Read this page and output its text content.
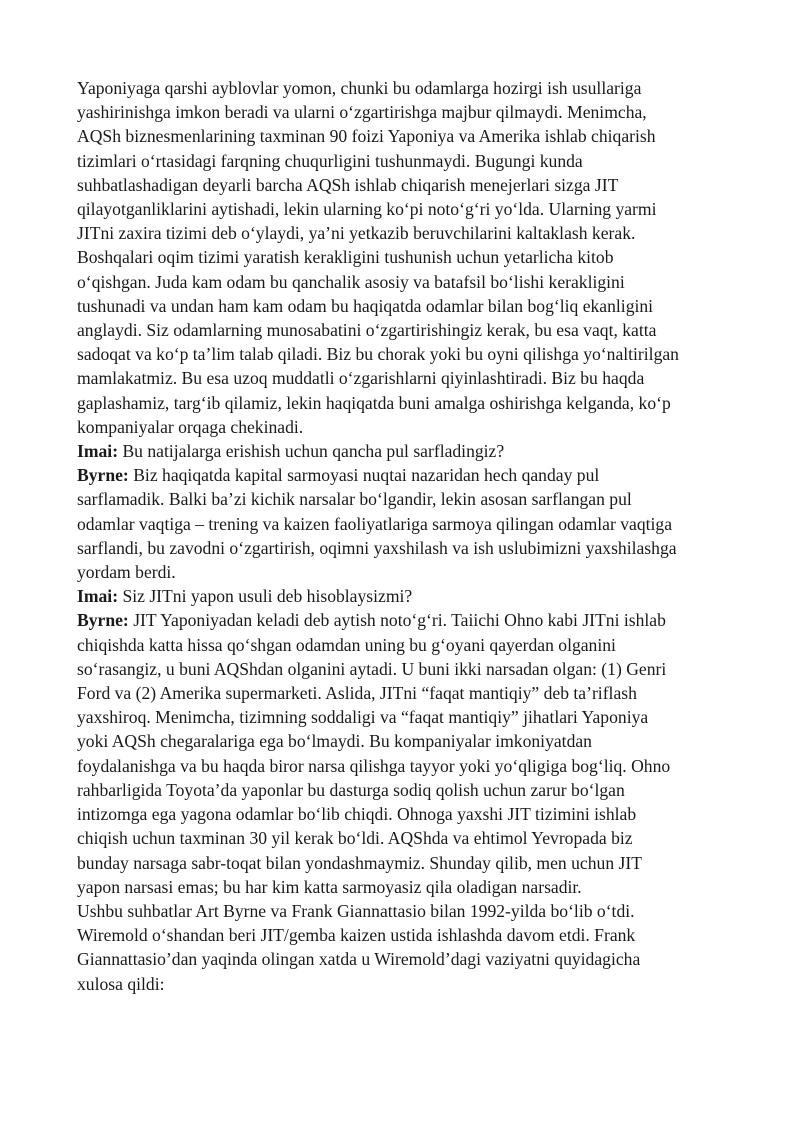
Yaponiyaga qarshi ayblovlar yomon, chunki bu odamlarga hozirgi ish usullariga
yashirinishga imkon beradi va ularni o‘zgartirishga majbur qilmaydi. Menimcha,
AQSh biznesmenlarining taxminan 90 foizi Yaponiya va Amerika ishlab chiqarish
tizimlari o‘rtasidagi farqning chuqurligini tushunmaydi. Bugungi kunda
suhbatlashadigan deyarli barcha AQSh ishlab chiqarish menejerlari sizga JIT
qilayotganliklarini aytishadi, lekin ularning ko‘pi noto‘g‘ri yo‘lda. Ularning yarmi
JITni zaxira tizimi deb o‘ylaydi, ya’ni yetkazib beruvchilarini kaltaklash kerak.
Boshqalari oqim tizimi yaratish kerakligini tushunish uchun yetarlicha kitob
o‘qishgan. Juda kam odam bu qanchalik asosiy va batafsil bo‘lishi kerakligini
tushunadi va undan ham kam odam bu haqiqatda odamlar bilan bog‘liq ekanligini
anglaydi. Siz odamlarning munosabatini o‘zgartirishingiz kerak, bu esa vaqt, katta
sadoqat va ko‘p ta’lim talab qiladi. Biz bu chorak yoki bu oyni qilishga yo‘naltirilgan
mamlakatmiz. Bu esa uzoq muddatli o‘zgarishlarni qiyinlashtiradi. Biz bu haqda
gaplashamiz, targ‘ib qilamiz, lekin haqiqatda buni amalga oshirishga kelganda, ko‘p
kompaniyalar orqaga chekinadi.
Imai: Bu natijalarga erishish uchun qancha pul sarfladingiz?
Byrne: Biz haqiqatda kapital sarmoyasi nuqtai nazaridan hech qanday pul
sarflamadik. Balki ba’zi kichik narsalar bo‘lgandir, lekin asosan sarflangan pul
odamlar vaqtiga – trening va kaizen faoliyatlariga sarmoya qilingan odamlar vaqtiga
sarflandi, bu zavodni o‘zgartirish, oqimni yaxshilash va ish uslubimizni yaxshilashga
yordam berdi.
Imai: Siz JITni yapon usuli deb hisoblaysizmi?
Byrne: JIT Yaponiyadan keladi deb aytish noto‘g‘ri. Taiichi Ohno kabi JITni ishlab
chiqishda katta hissa qo‘shgan odamdan uning bu g‘oyani qayerdan olganini
so‘rasangiz, u buni AQShdan olganini aytadi. U buni ikki narsadan olgan: (1) Genri
Ford va (2) Amerika supermarketi. Aslida, JITni “faqat mantiqiy” deb ta’riflash
yaxshiroq. Menimcha, tizimning soddaligi va “faqat mantiqiy” jihatlari Yaponiya
yoki AQSh chegaralariga ega bo‘lmaydi. Bu kompaniyalar imkoniyatdan
foydalanishga va bu haqda biror narsa qilishga tayyor yoki yo‘qligiga bog‘liq. Ohno
rahbarligida Toyota’da yaponlar bu dasturga sodiq qolish uchun zarur bo‘lgan
intizomga ega yagona odamlar bo‘lib chiqdi. Ohnoga yaxshi JIT tizimini ishlab
chiqish uchun taxminan 30 yil kerak bo‘ldi. AQShda va ehtimol Yevropada biz
bunday narsaga sabr-toqat bilan yondashmaymiz. Shunday qilib, men uchun JIT
yapon narsasi emas; bu har kim katta sarmoyasiz qila oladigan narsadir.
Ushbu suhbatlar Art Byrne va Frank Giannattasio bilan 1992-yilda bo‘lib o‘tdi.
Wiremold o‘shandan beri JIT/gemba kaizen ustida ishlashda davom etdi. Frank
Giannattasio’dan yaqinda olingan xatda u Wiremold’dagi vaziyatni quyidagicha
xulosa qildi:
